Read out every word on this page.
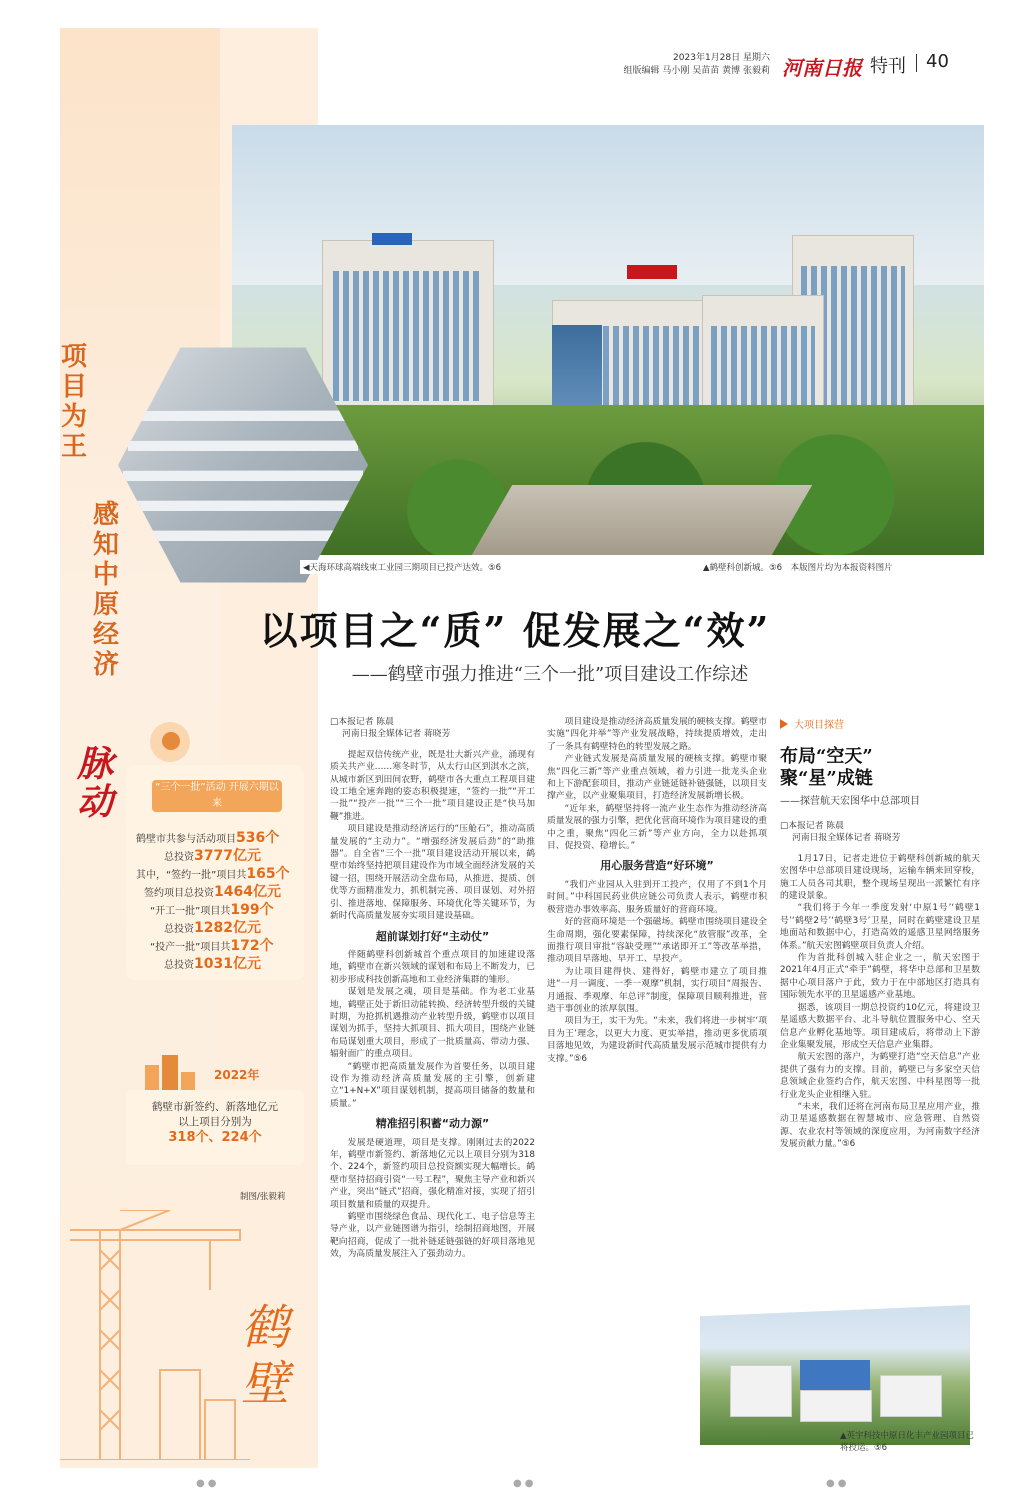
2023年1月28日 星期六
组版编辑 马小刚 吴苗苗 黄博 张毅莉 河南日报 特刊 40
◀天海环球高端线束工业园三期项目已投产达效。⑤6	▲鹤壁科创新城。⑤6　本版图片均为本报资料图片
项目为王
感知中原经济
脉动
以项目之“质” 促发展之“效”
——鹤壁市强力推进“三个一批”项目建设工作综述
“三个一批”活动 开展六期以来
鹤壁市共参与活动项目536个
总投资3777亿元
其中，“签约一批”项目共165个
签约项目总投资1464亿元
“开工一批”项目共199个
总投资1282亿元
“投产一批”项目共172个
总投资1031亿元
2022年
鹤壁市新签约、新落地亿元
以上项目分别为
318个、224个
制图/张毅莉
鹤壁
□本报记者 陈晨
河南日报全媒体记者 蒋晓芳

提起双信传统产业，既是壮大新兴产业，涌现有质关共产业……寒冬时节，从太行山区到淇水之滨，从城市新区到田间农野，鹤壁市各大重点工程项目建设工地全速奔跑的姿态积极提速，“签约一批”“开工一批”“投产一批”“三个一批”项目建设正是“快马加鞭”推进。

项目建设是推动经济运行的“压舱石”，推动高质量发展的“主动力”。“增强经济发展后劲”的“助推器”。自全省“三个一批”项目建设活动开展以来，鹤壁市始终坚持把项目建设作为市域全面经济发展的关键一招，围绕开展活动全盘布局，从推进、提质、创优等方面精准发力，抓机制完善、项目谋划、对外招引、推进落地、保障服务、环境优化等关键环节，为新时代高质量发展夯实项目建设基础。

超前谋划打好“主动仗”

伴随鹤壁科创新城首个重点项目的加速建设落地，鹤壁市在新兴领域的谋划和布局上不断发力，已初步形成科技创新高地和工业经济集群的雏形。

谋划是发展之魂，项目是基础。作为老工业基地，鹤壁正处于新旧动能转换、经济转型升级的关键时期，为抢抓机遇推动产业转型升级，鹤壁市以项目谋划为抓手，坚持大抓项目、抓大项目，围绕产业链布局谋划重大项目，形成了一批质量高、带动力强、辐射面广的重点项目。

“鹤壁市把高质量发展作为首要任务，以项目建设作为推动经济高质量发展的主引擎，创新建立“1+N+X”项目谋划机制，提高项目储备的数量和质量。”

精准招引积蓄“动力源”

发展是硬道理，项目是支撑。刚刚过去的2022年，鹤壁市新签约、新落地亿元以上项目分别为318个、224个，新签约项目总投资额实现大幅增长。鹤壁市坚持招商引资“一号工程”，聚焦主导产业和新兴产业，突出“链式”招商，强化精准对接，实现了招引项目数量和质量的双提升。

鹤壁市围绕绿色食品、现代化工、电子信息等主导产业，以产业链图谱为指引，绘制招商地图，开展靶向招商，促成了一批补链延链强链的好项目落地见效，为高质量发展注入了强劲动力。

项目建设是推动经济高质量发展的硬核支撑。鹤壁市实施“四化并举”等产业发展战略，持续提质增效，走出了一条具有鹤壁特色的转型发展之路。

产业链式发展是高质量发展的硬核支撑。鹤壁市聚焦“四化三新”等产业重点领域，着力引进一批龙头企业和上下游配套项目，推动产业链延链补链强链，以项目支撑产业，以产业聚集项目，打造经济发展新增长极。

“近年来，鹤壁坚持将一流产业生态作为推动经济高质量发展的强力引擎，把优化营商环境作为项目建设的重中之重，聚焦“四化三新”等产业方向，全力以赴抓项目、促投资、稳增长。”

用心服务营造“好环境”

“我们产业园从入驻到开工投产，仅用了不到1个月时间。”中科国民药业供应链公司负责人表示，鹤壁市积极营造办事效率高、服务质量好的营商环境。

好的营商环境是一个强磁场。鹤壁市围绕项目建设全生命周期，强化要素保障，持续深化“放管服”改革，全面推行项目审批“容缺受理”“承诺即开工”等改革举措，推动项目早落地、早开工、早投产。

为让项目建得快、建得好，鹤壁市建立了项目推进“一月一调度、一季一观摩”机制，实行项目“周报告、月通报、季观摩、年总评”制度，保障项目顺利推进，营造干事创业的浓厚氛围。

项目为王，实干为先。“未来，我们将进一步树牢‘项目为王’理念，以更大力度、更实举措，推动更多优质项目落地见效，为建设新时代高质量发展示范城市提供有力支撑。”⑤6

大项目探营
布局“空天”
聚“星”成链
——探营航天宏图华中总部项目
□本报记者 陈晨
河南日报全媒体记者 蒋晓芳

1月17日，记者走进位于鹤壁科创新城的航天宏图华中总部项目建设现场，运输车辆来回穿梭，施工人员各司其职，整个现场呈现出一派繁忙有序的建设景象。

“我们将于今年一季度发射‘中原1号’‘鹤壁1号’‘鹤壁2号’‘鹤壁3号’卫星，同时在鹤壁建设卫星地面站和数据中心，打造高效的遥感卫星网络服务体系。”航天宏图鹤壁项目负责人介绍。

作为首批科创城入驻企业之一，航天宏图于2021年4月正式“牵手”鹤壁，将华中总部和卫星数据中心项目落户于此，致力于在中部地区打造具有国际领先水平的卫星遥感产业基地。

据悉，该项目一期总投资约10亿元，将建设卫星遥感大数据平台、北斗导航位置服务中心、空天信息产业孵化基地等。项目建成后，将带动上下游企业集聚发展，形成空天信息产业集群。

航天宏图的落户，为鹤壁打造“空天信息”产业提供了强有力的支撑。目前，鹤壁已与多家空天信息领域企业签约合作，航天宏图、中科星图等一批行业龙头企业相继入驻。

“未来，我们还将在河南布局卫星应用产业，推动卫星遥感数据在智慧城市、应急管理、自然资源、农业农村等领域的深度应用，为河南数字经济发展贡献力量。”⑤6

▲英宇科技中原日化丰产业园项目已将投运。⑤6
●●	●●	●●
